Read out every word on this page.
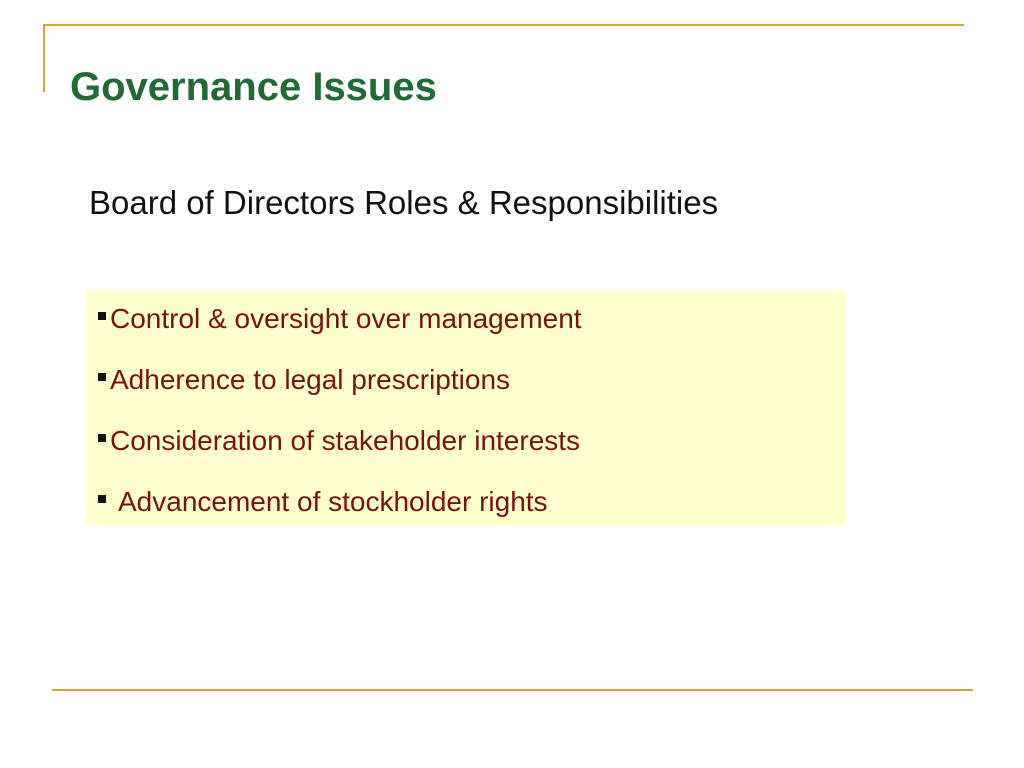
Governance Issues
Board of Directors Roles & Responsibilities
Control & oversight over management
Adherence to legal prescriptions
Consideration of stakeholder interests
Advancement of stockholder rights
